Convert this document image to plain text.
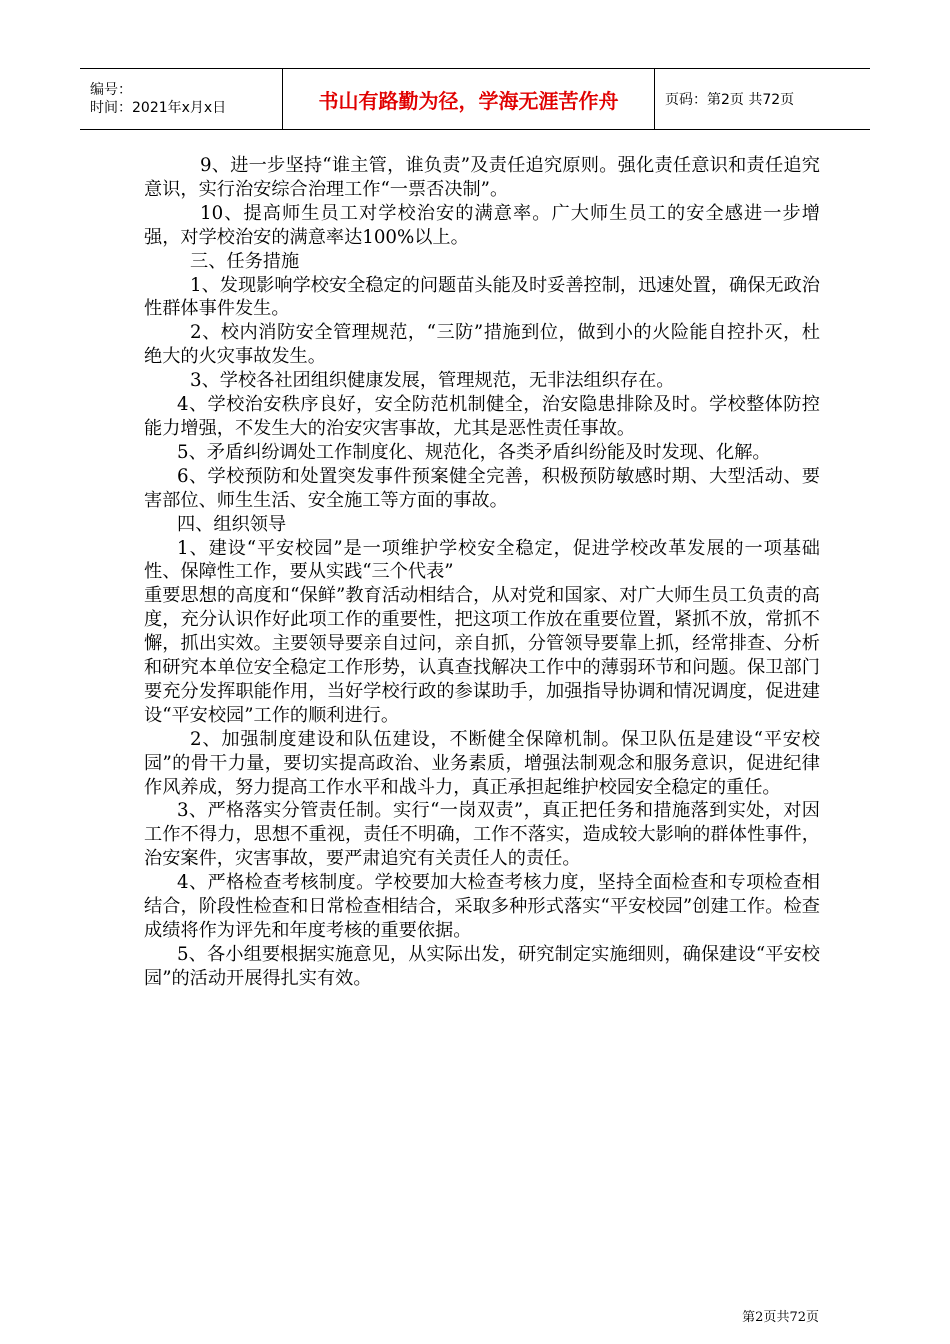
编号：
时间：2021年x月x日	书山有路勤为径，学海无涯苦作舟	页码：第2页 共72页

9、进一步坚持“谁主管，谁负责”及责任追究原则。强化责任意识和责任追究意识，实行治安综合治理工作“一票否决制”。

10、提高师生员工对学校治安的满意率。广大师生员工的安全感进一步增强，对学校治安的满意率达100%以上。

三、任务措施

1、发现影响学校安全稳定的问题苗头能及时妥善控制，迅速处置，确保无政治性群体事件发生。

2、校内消防安全管理规范，“三防”措施到位，做到小的火险能自控扑灭，杜绝大的火灾事故发生。

3、学校各社团组织健康发展，管理规范，无非法组织存在。

4、学校治安秩序良好，安全防范机制健全，治安隐患排除及时。学校整体防控能力增强，不发生大的治安灾害事故，尤其是恶性责任事故。

5、矛盾纠纷调处工作制度化、规范化，各类矛盾纠纷能及时发现、化解。

6、学校预防和处置突发事件预案健全完善，积极预防敏感时期、大型活动、要害部位、师生生活、安全施工等方面的事故。

四、组织领导

1、建设“平安校园”是一项维护学校安全稳定，促进学校改革发展的一项基础性、保障性工作，要从实践“三个代表”

重要思想的高度和“保鲜”教育活动相结合，从对党和国家、对广大师生员工负责的高度，充分认识作好此项工作的重要性，把这项工作放在重要位置，紧抓不放，常抓不懈，抓出实效。主要领导要亲自过问，亲自抓，分管领导要靠上抓，经常排查、分析和研究本单位安全稳定工作形势，认真查找解决工作中的薄弱环节和问题。保卫部门要充分发挥职能作用，当好学校行政的参谋助手，加强指导协调和情况调度，促进建设“平安校园”工作的顺利进行。

2、加强制度建设和队伍建设，不断健全保障机制。保卫队伍是建设“平安校园”的骨干力量，要切实提高政治、业务素质，增强法制观念和服务意识，促进纪律作风养成，努力提高工作水平和战斗力，真正承担起维护校园安全稳定的重任。

3、严格落实分管责任制。实行“一岗双责”，真正把任务和措施落到实处，对因工作不得力，思想不重视，责任不明确，工作不落实，造成较大影响的群体性事件，治安案件，灾害事故，要严肃追究有关责任人的责任。

4、严格检查考核制度。学校要加大检查考核力度，坚持全面检查和专项检查相结合，阶段性检查和日常检查相结合，采取多种形式落实“平安校园”创建工作。检查成绩将作为评先和年度考核的重要依据。

5、各小组要根据实施意见，从实际出发，研究制定实施细则，确保建设“平安校园”的活动开展得扎实有效。

第2页共72页
